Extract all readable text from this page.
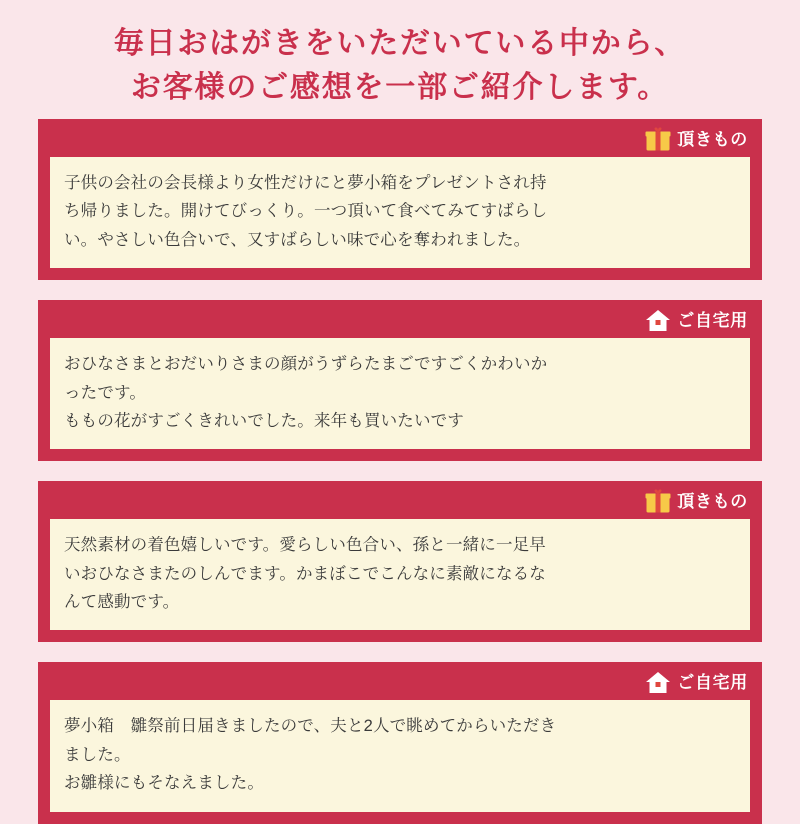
毎日おはがきをいただいている中から、
お客様のご感想を一部ご紹介します。
頂きもの

子供の会社の会長様より女性だけにと夢小箱をプレゼントされ持

ち帰りました。開けてびっくり。一つ頂いて食べてみてすばらし

い。やさしい色合いで、又すばらしい味で心を奪われました。

ご自宅用

おひなさまとおだいりさまの顔がうずらたまごですごくかわいか

ったです。

ももの花がすごくきれいでした。来年も買いたいです

頂きもの

天然素材の着色嬉しいです。愛らしい色合い、孫と一緒に一足早

いおひなさまたのしんでます。かまぼこでこんなに素敵になるな

んて感動です。

ご自宅用

夢小箱　雛祭前日届きましたので、夫と2人で眺めてからいただき

ました。

お雛様にもそなえました。
